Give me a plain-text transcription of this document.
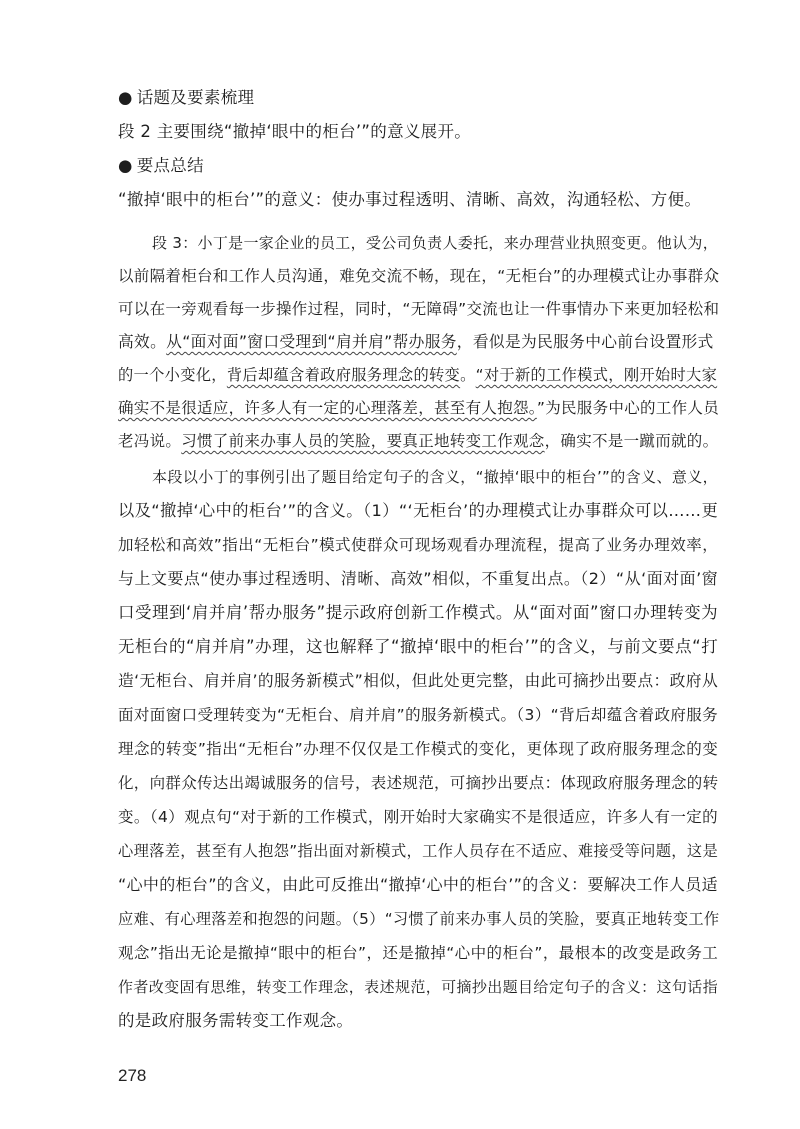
● 话题及要素梳理
段 2 主要围绕“撤掉‘眼中的柜台’”的意义展开。
● 要点总结
“撤掉‘眼中的柜台’”的意义：使办事过程透明、清晰、高效，沟通轻松、方便。
段 3：小丁是一家企业的员工，受公司负责人委托，来办理营业执照变更。他认为，
以前隔着柜台和工作人员沟通，难免交流不畅，现在，“无柜台”的办理模式让办事群众
可以在一旁观看每一步操作过程，同时，“无障碍”交流也让一件事情办下来更加轻松和
高效。从“面对面”窗口受理到“肩并肩”帮办服务，看似是为民服务中心前台设置形式
的一个小变化，背后却蕴含着政府服务理念的转变。“对于新的工作模式，刚开始时大家
确实不是很适应，许多人有一定的心理落差，甚至有人抱怨。”为民服务中心的工作人员
老冯说。习惯了前来办事人员的笑脸，要真正地转变工作观念，确实不是一蹴而就的。
本段以小丁的事例引出了题目给定句子的含义，“撤掉‘眼中的柜台’”的含义、意义，
以及“撤掉‘心中的柜台’”的含义。（1）“‘无柜台’的办理模式让办事群众可以……更
加轻松和高效”指出“无柜台”模式使群众可现场观看办理流程，提高了业务办理效率，
与上文要点“使办事过程透明、清晰、高效”相似，不重复出点。（2）“从‘面对面’窗
口受理到‘肩并肩’帮办服务”提示政府创新工作模式。从“面对面”窗口办理转变为
无柜台的“肩并肩”办理，这也解释了“撤掉‘眼中的柜台’”的含义，与前文要点“打
造‘无柜台、肩并肩’的服务新模式”相似，但此处更完整，由此可摘抄出要点：政府从
面对面窗口受理转变为“无柜台、肩并肩”的服务新模式。（3）“背后却蕴含着政府服务
理念的转变”指出“无柜台”办理不仅仅是工作模式的变化，更体现了政府服务理念的变
化，向群众传达出竭诚服务的信号，表述规范，可摘抄出要点：体现政府服务理念的转
变。（4）观点句“对于新的工作模式，刚开始时大家确实不是很适应，许多人有一定的
心理落差，甚至有人抱怨”指出面对新模式，工作人员存在不适应、难接受等问题，这是
“心中的柜台”的含义，由此可反推出“撤掉‘心中的柜台’”的含义：要解决工作人员适
应难、有心理落差和抱怨的问题。（5）“习惯了前来办事人员的笑脸，要真正地转变工作
观念”指出无论是撤掉“眼中的柜台”，还是撤掉“心中的柜台”，最根本的改变是政务工
作者改变固有思维，转变工作理念，表述规范，可摘抄出题目给定句子的含义：这句话指
的是政府服务需转变工作观念。
278
